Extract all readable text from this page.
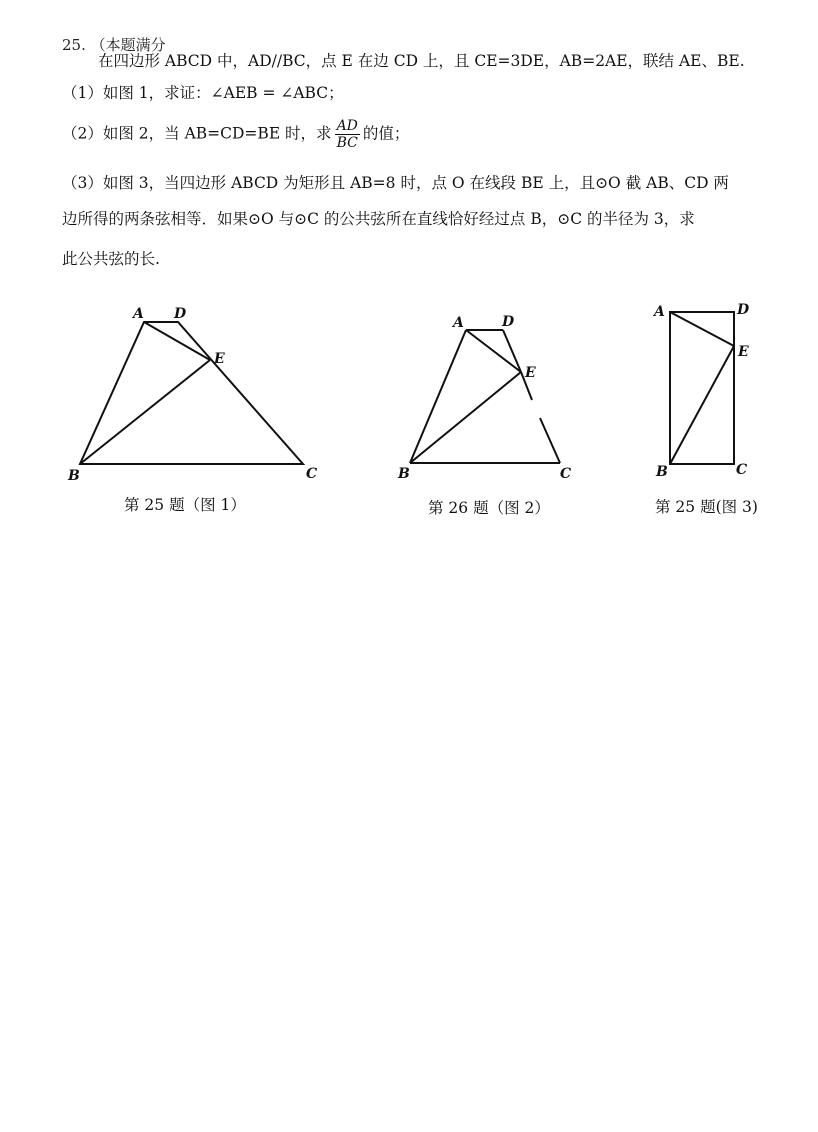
25. （本题满分
在四边形 ABCD 中，AD//BC，点 E 在边 CD 上，且 CE=3DE，AB=2AE，联结 AE、BE.
（1）如图 1，求证：∠AEB = ∠ABC；
（2）如图 2，当 AB=CD=BE 时，求 $\frac{AD}{BC}$ 的值；
（3）如图 3，当四边形 ABCD 为矩形且 AB=8 时，点 O 在线段 BE 上，且⊙O 截 AB、CD 两
边所得的两条弦相等．如果⊙O 与⊙C 的公共弦所在直线恰好经过点 B，⊙C 的半径为 3，求
此公共弦的长.
A D
E
B	C
第 25 题（图 1）
A	D
E
B	C
第 26 题（图 2）
A	D
E
B	C
第 25 题(图 3)
